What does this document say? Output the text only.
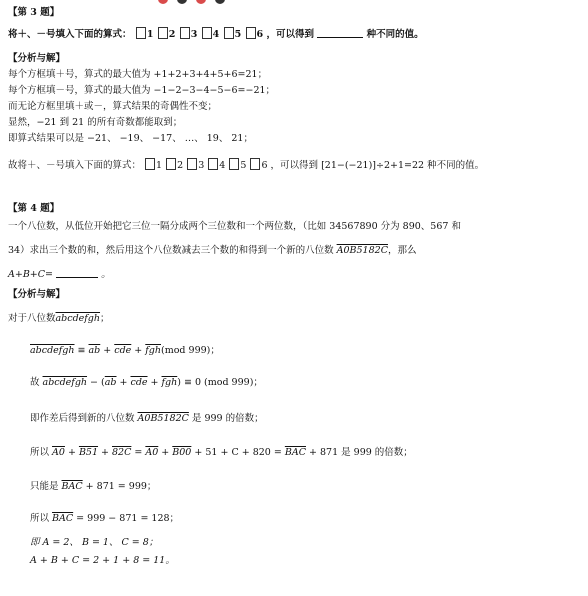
【第 3 题】
将＋、－号填入下面的算式： 1 2 3 4 5 6 ，可以得到	种不同的值。
【分析与解】
每个方框填＋号，算式的最大值为 +1+2+3+4+5+6=21；
每个方框填－号，算式的最大值为 −1−2−3−4−5−6=−21；
而无论方框里填＋或－，算式结果的奇偶性不变；
显然，−21 到 21 的所有奇数都能取到；
即算式结果可以是 −21、 −19、 −17、 …、 19、 21；
故将＋、－号填入下面的算式： 1 2 3 4 5 6 ，可以得到 [21−(−21)]÷2+1=22 种不同的值。
【第 4 题】
一个八位数，从低位开始把它三位一隔分成两个三位数和一个两位数，（比如 34567890 分为 890、567 和
34）求出三个数的和，然后用这个八位数减去三个数的和得到一个新的八位数 A0B5182C，那么
A+B+C=	。
【分析与解】
对于八位数abcdefgh；
abcdefgh ≡ $\overline{ab} + \overline{cde} + \overline{fgh}(mod$ 999)；
故 abcdefgh − $(\overline{ab} + \overline{cde} + \overline{fgh}) \equiv 0$ (mod 999)；
即作差后得到新的八位数 A0B5182C 是 999 的倍数；
所以 $A0 + B51 + 82C = A0 + B00 + 51 + C + 820 = \overline{BAC} + 871$ 是 999 的倍数；
只能是 $\overline{BAC} + 871 = 999$；
所以 $\overline{BAC} = 999 - 871 = 128$；
即 A = 2、 B = 1、 C = 8；
A + B + C = 2 + 1 + 8 = 11。
